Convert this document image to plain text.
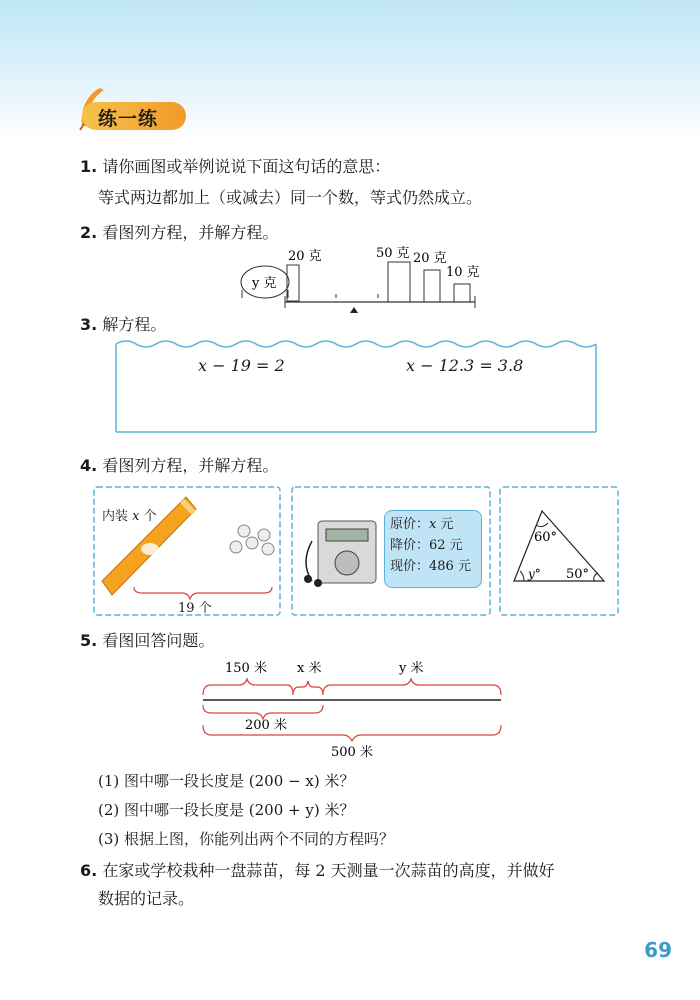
练一练
1. 请你画图或举例说说下面这句话的意思：
等式两边都加上（或减去）同一个数，等式仍然成立。
2. 看图列方程，并解方程。
y 克
20 克	50 克 20 克
10 克
3. 解方程。
x − 19 = 2	x − 12.3 = 3.8
4. 看图列方程，并解方程。
内装 x 个
19 个
原价：x 元
降价：62 元
现价：486 元
60°
y° 50°
5. 看图回答问题。
150 米 x 米	y 米
200 米
500 米
(1) 图中哪一段长度是 (200 − x) 米？
(2) 图中哪一段长度是 (200 + y) 米？
(3) 根据上图，你能列出两个不同的方程吗？
6. 在家或学校栽种一盘蒜苗，每 2 天测量一次蒜苗的高度，并做好
数据的记录。
69
